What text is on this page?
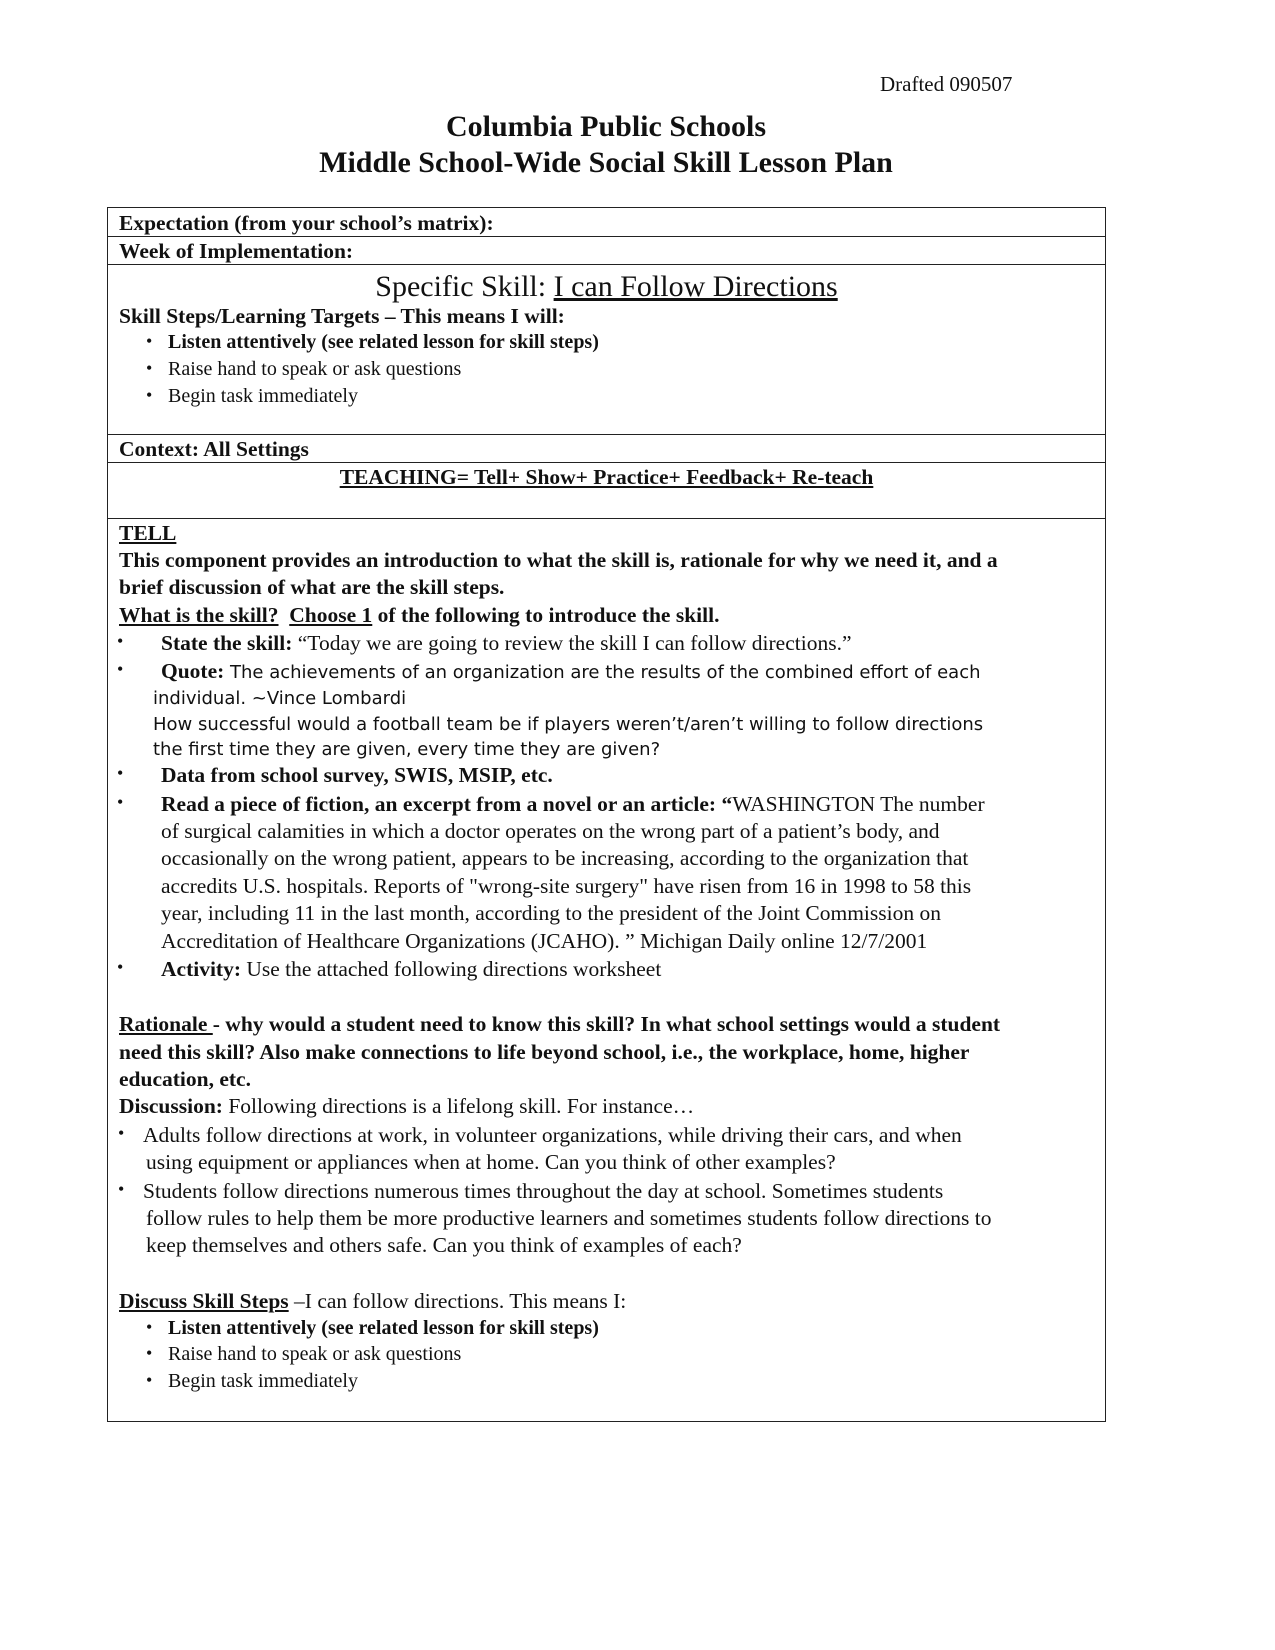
Drafted 090507
Columbia Public Schools
Middle School-Wide Social Skill Lesson Plan
Expectation (from your school’s matrix):
Week of Implementation:
Specific Skill: I can Follow Directions
Skill Steps/Learning Targets – This means I will:
• Listen attentively (see related lesson for skill steps)
• Raise hand to speak or ask questions
• Begin task immediately
Context: All Settings
TEACHING= Tell+ Show+ Practice+ Feedback+ Re-teach
TELL
This component provides an introduction to what the skill is, rationale for why we need it, and a
brief discussion of what are the skill steps.
What is the skill? Choose 1 of the following to introduce the skill.
• State the skill: “Today we are going to review the skill I can follow directions.”
• Quote: The achievements of an organization are the results of the combined effort of each
individual. ~Vince Lombardi
How successful would a football team be if players weren’t/aren’t willing to follow directions
the first time they are given, every time they are given?
• Data from school survey, SWIS, MSIP, etc.
• Read a piece of fiction, an excerpt from a novel or an article: “WASHINGTON The number
of surgical calamities in which a doctor operates on the wrong part of a patient’s body, and
occasionally on the wrong patient, appears to be increasing, according to the organization that
accredits U.S. hospitals. Reports of "wrong-site surgery" have risen from 16 in 1998 to 58 this
year, including 11 in the last month, according to the president of the Joint Commission on
Accreditation of Healthcare Organizations (JCAHO). ” Michigan Daily online 12/7/2001
• Activity: Use the attached following directions worksheet
Rationale - why would a student need to know this skill? In what school settings would a student
need this skill? Also make connections to life beyond school, i.e., the workplace, home, higher
education, etc.
Discussion: Following directions is a lifelong skill. For instance…
• Adults follow directions at work, in volunteer organizations, while driving their cars, and when
using equipment or appliances when at home. Can you think of other examples?
• Students follow directions numerous times throughout the day at school. Sometimes students
follow rules to help them be more productive learners and sometimes students follow directions to
keep themselves and others safe. Can you think of examples of each?
Discuss Skill Steps –I can follow directions. This means I:
• Listen attentively (see related lesson for skill steps)
• Raise hand to speak or ask questions
• Begin task immediately
